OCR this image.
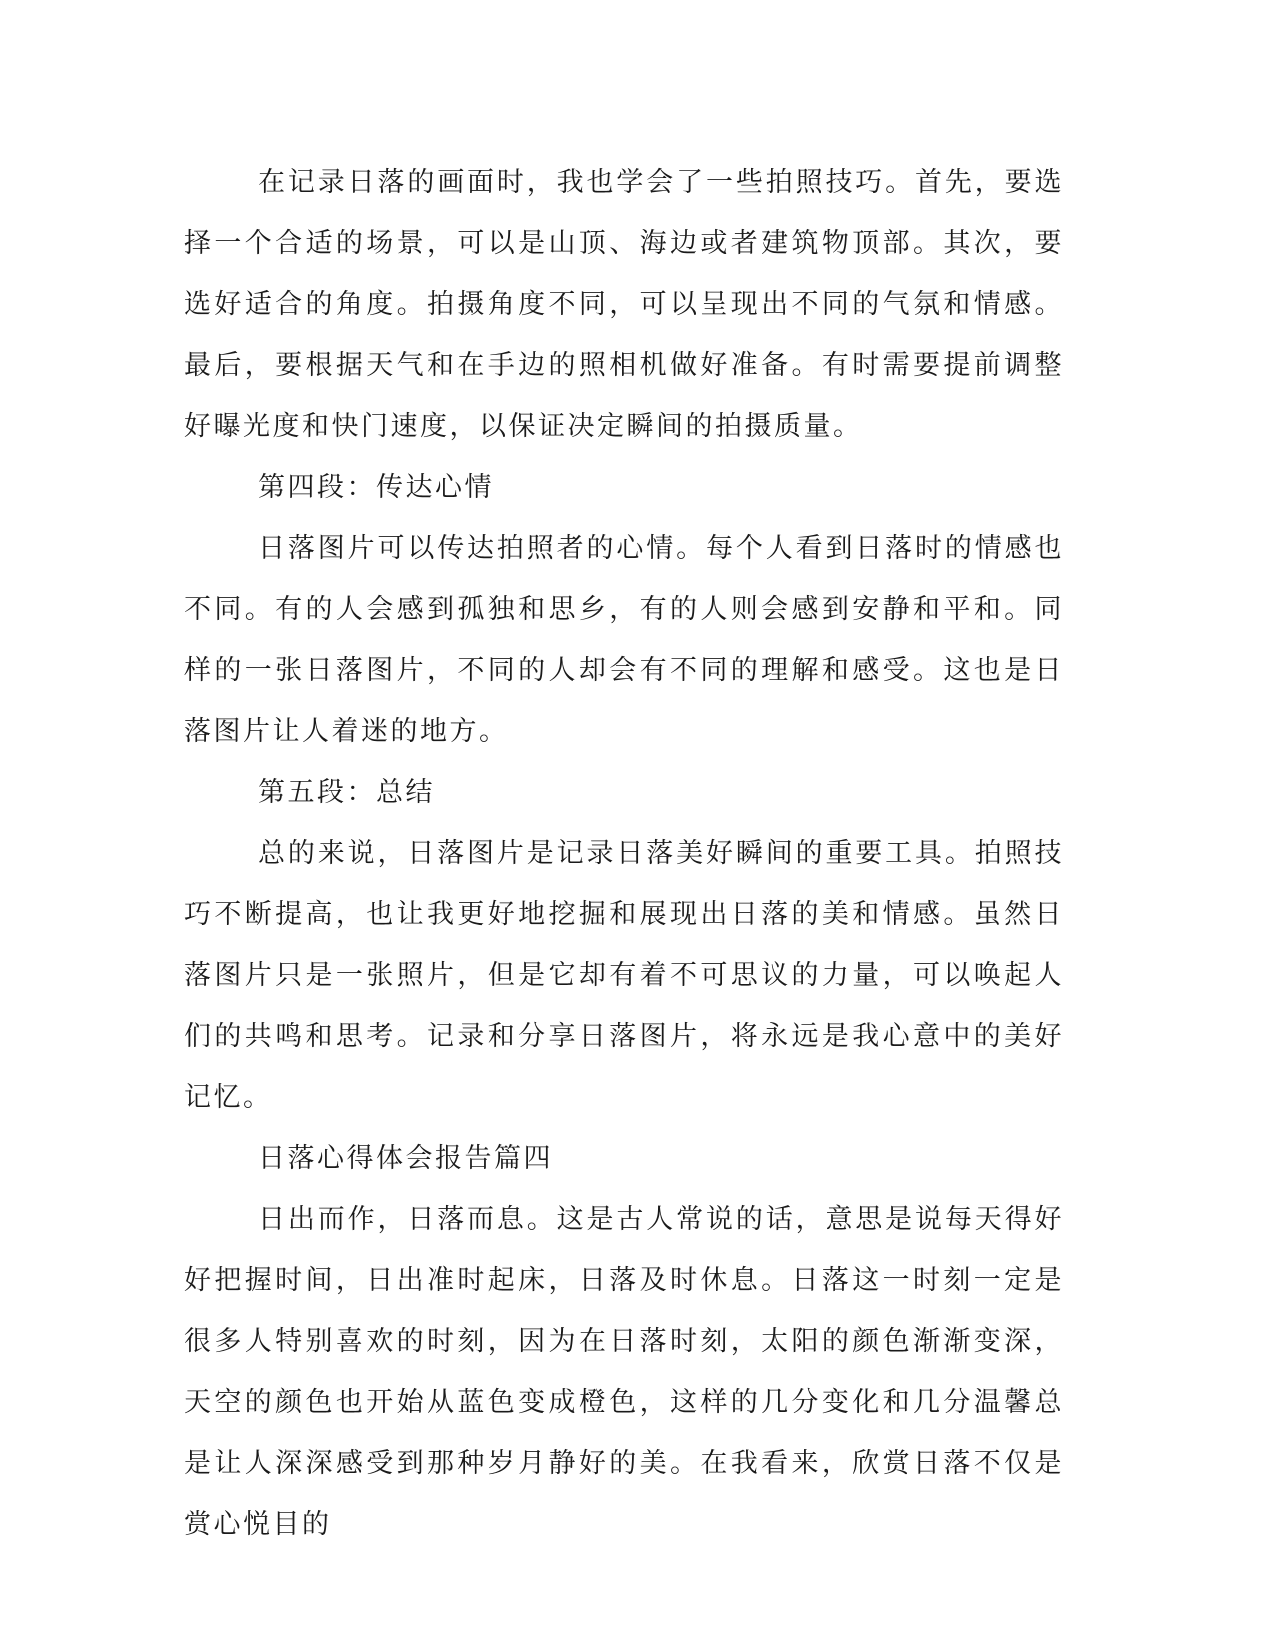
在记录日落的画面时，我也学会了一些拍照技巧。首先，要选择一个合适的场景，可以是山顶、海边或者建筑物顶部。其次，要选好适合的角度。拍摄角度不同，可以呈现出不同的气氛和情感。最后，要根据天气和在手边的照相机做好准备。有时需要提前调整好曝光度和快门速度，以保证决定瞬间的拍摄质量。

第四段：传达心情

日落图片可以传达拍照者的心情。每个人看到日落时的情感也不同。有的人会感到孤独和思乡，有的人则会感到安静和平和。同样的一张日落图片，不同的人却会有不同的理解和感受。这也是日落图片让人着迷的地方。

第五段：总结

总的来说，日落图片是记录日落美好瞬间的重要工具。拍照技巧不断提高，也让我更好地挖掘和展现出日落的美和情感。虽然日落图片只是一张照片，但是它却有着不可思议的力量，可以唤起人们的共鸣和思考。记录和分享日落图片，将永远是我心意中的美好记忆。

日落心得体会报告篇四

日出而作，日落而息。这是古人常说的话，意思是说每天得好好把握时间，日出准时起床，日落及时休息。日落这一时刻一定是很多人特别喜欢的时刻，因为在日落时刻，太阳的颜色渐渐变深，天空的颜色也开始从蓝色变成橙色，这样的几分变化和几分温馨总是让人深深感受到那种岁月静好的美。在我看来，欣赏日落不仅是赏心悦目的
